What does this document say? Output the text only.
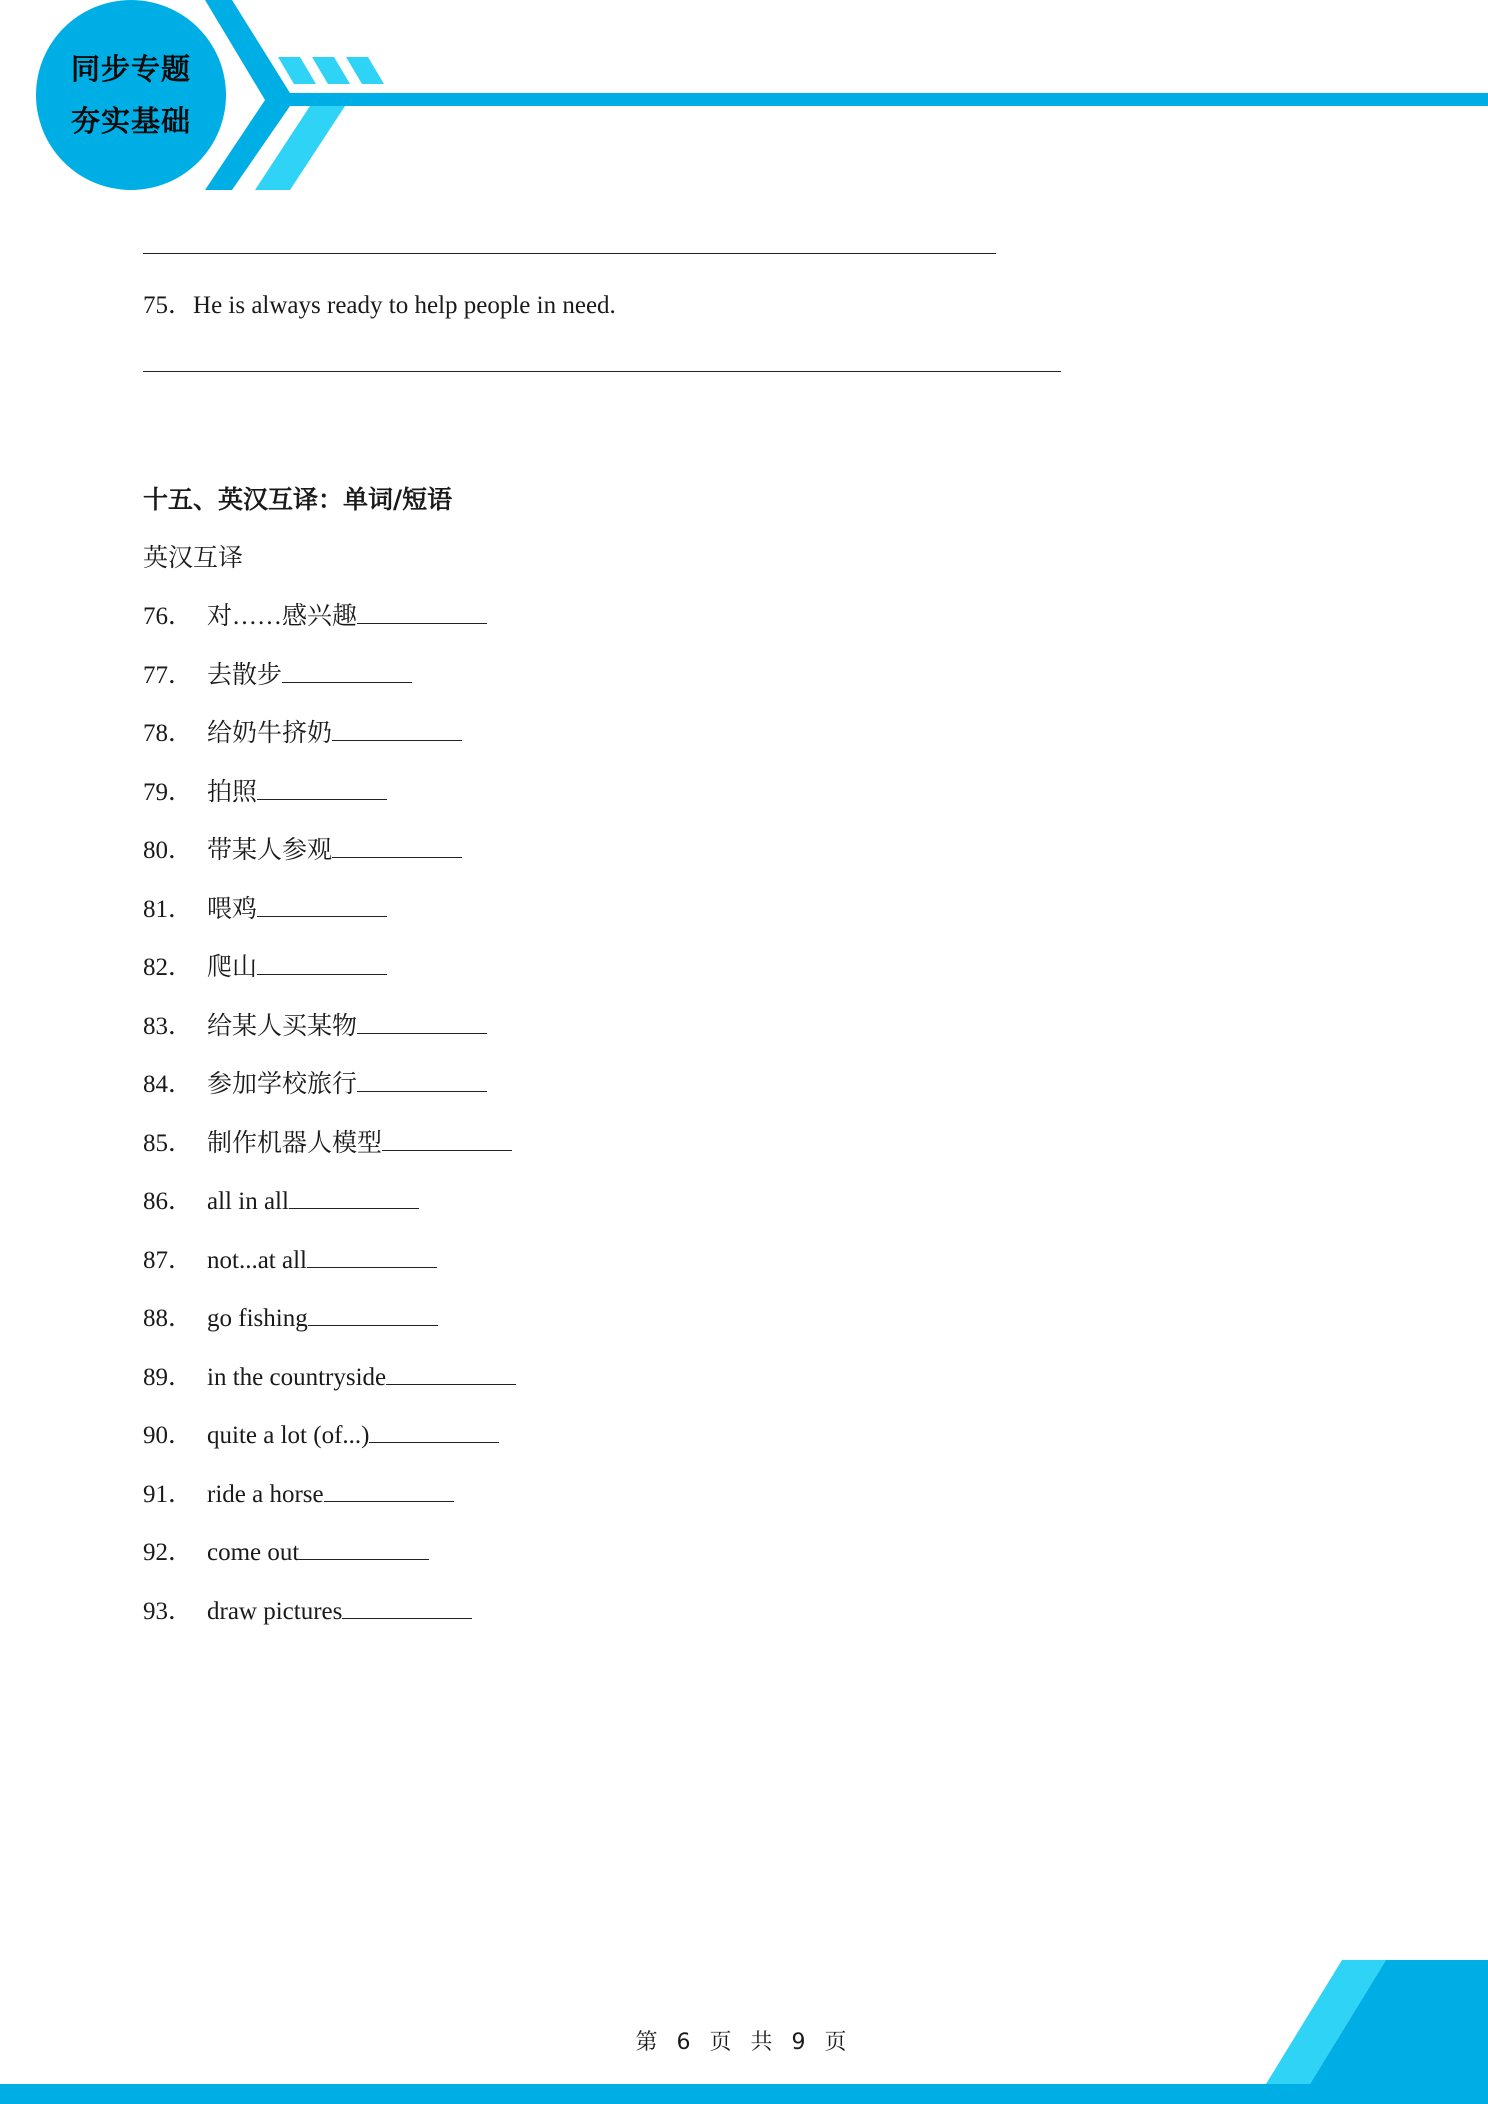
同步专题
夯实基础
75．He is always ready to help people in need.
十五、英汉互译：单词/短语
英汉互译
76． 对……感兴趣
77． 去散步
78． 给奶牛挤奶
79． 拍照
80． 带某人参观
81． 喂鸡
82． 爬山
83． 给某人买某物
84． 参加学校旅行
85． 制作机器人模型
86． all in all
87． not...at all
88． go fishing
89． in the countryside
90． quite a lot (of...)
91． ride a horse
92． come out
93． draw pictures
第 6 页 共 9 页
